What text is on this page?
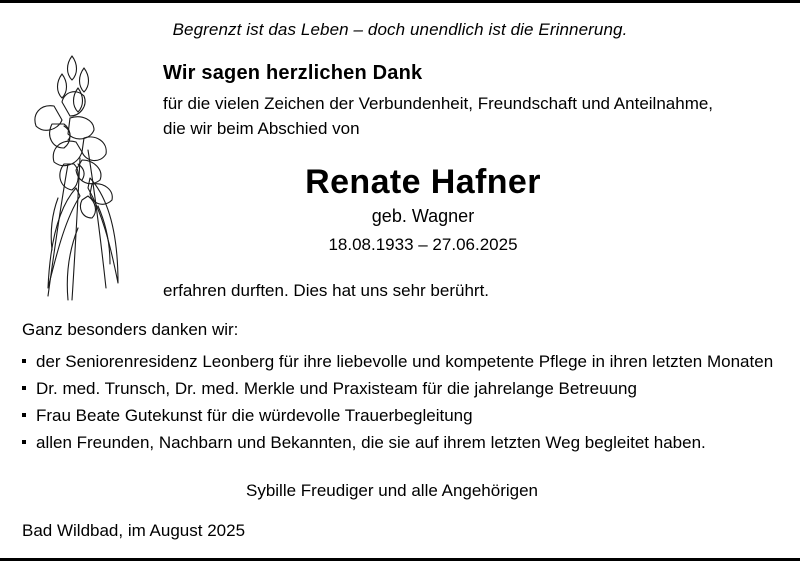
Begrenzt ist das Leben – doch unendlich ist die Erinnerung.
Wir sagen herzlichen Dank
für die vielen Zeichen der Verbundenheit, Freundschaft und Anteilnahme,
die wir beim Abschied von
Renate Hafner
geb. Wagner
18.08.1933 – 27.06.2025
erfahren durften. Dies hat uns sehr berührt.
Ganz besonders danken wir:
der Seniorenresidenz Leonberg für ihre liebevolle und kompetente Pflege in ihren letzten Monaten
Dr. med. Trunsch, Dr. med. Merkle und Praxisteam für die jahrelange Betreuung
Frau Beate Gutekunst für die würdevolle Trauerbegleitung
allen Freunden, Nachbarn und Bekannten, die sie auf ihrem letzten Weg begleitet haben.
Sybille Freudiger und alle Angehörigen
Bad Wildbad, im August 2025
